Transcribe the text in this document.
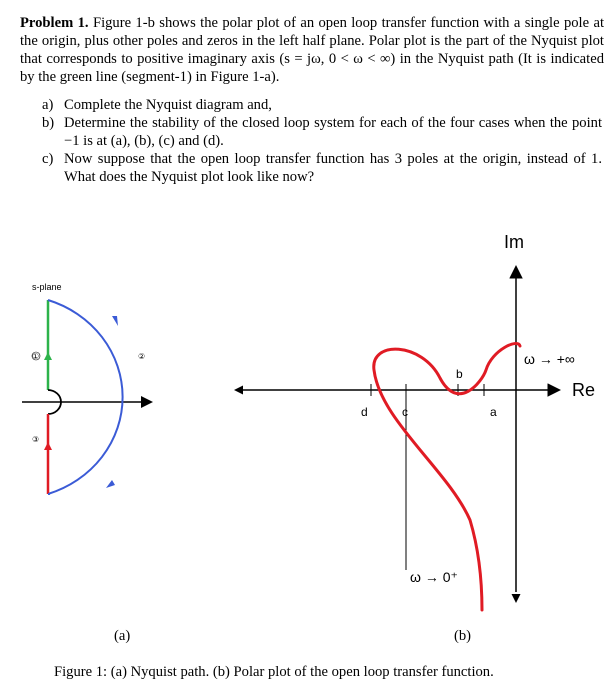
Problem 1. Figure 1-b shows the polar plot of an open loop transfer function with a single pole at the origin, plus other poles and zeros in the left half plane. Polar plot is the part of the Nyquist plot that corresponds to positive imaginary axis (s = jω, 0 < ω < ∞) in the Nyquist path (It is indicated by the green line (segment-1) in Figure 1-a).
a) Complete the Nyquist diagram and,
b) Determine the stability of the closed loop system for each of the four cases when the point −1 is at (a), (b), (c) and (d).
c) Now suppose that the open loop transfer function has 3 poles at the origin, instead of 1. What does the Nyquist plot look like now?
s-plane
①	②
③
d	c
b
a
Im
Re
ω → +∞
ω → 0⁺
(a)	(b)
Figure 1: (a) Nyquist path. (b) Polar plot of the open loop transfer function.
